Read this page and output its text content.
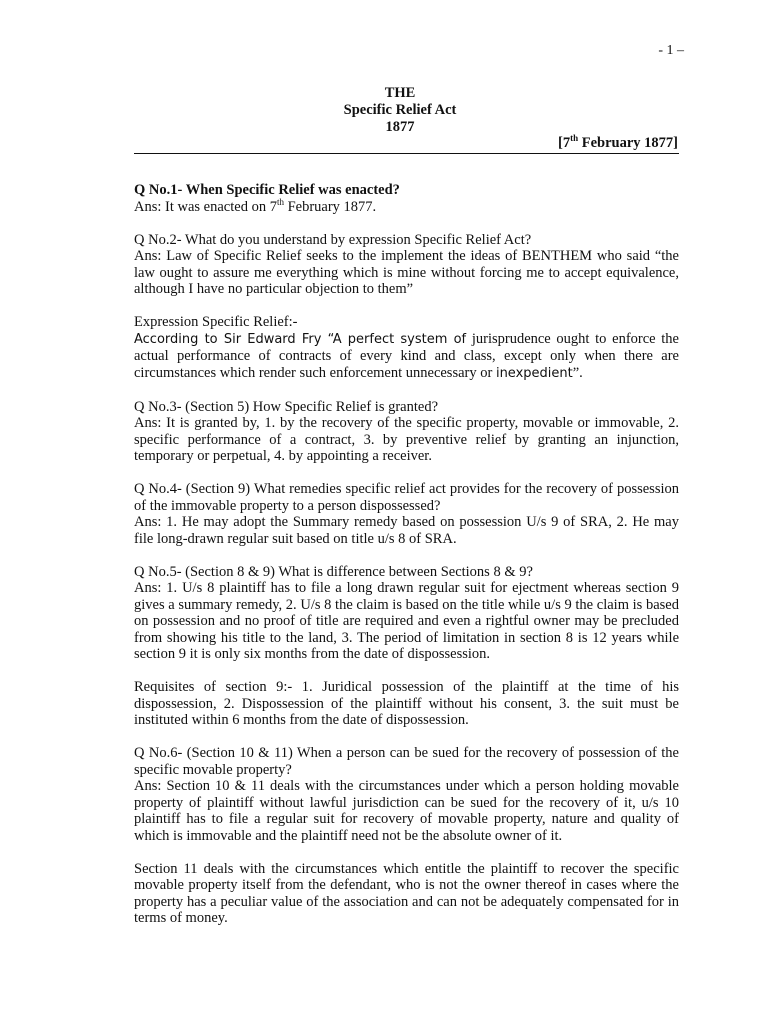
- 1 –
THE
Specific Relief Act
1877
[7th February 1877]

Q No.1- When Specific Relief was enacted?
Ans: It was enacted on 7th February 1877.

Q No.2- What do you understand by expression Specific Relief Act?
Ans: Law of Specific Relief seeks to the implement the ideas of BENTHEM who said “the law ought to assure me everything which is mine without forcing me to accept equivalence, although I have no particular objection to them”

Expression Specific Relief:-
According to Sir Edward Fry “A perfect system of jurisprudence ought to enforce the actual performance of contracts of every kind and class, except only when there are circumstances which render such enforcement unnecessary or inexpedient”.

Q No.3- (Section 5) How Specific Relief is granted?
Ans: It is granted by, 1. by the recovery of the specific property, movable or immovable, 2. specific performance of a contract, 3. by preventive relief by granting an injunction, temporary or perpetual, 4. by appointing a receiver.

Q No.4- (Section 9) What remedies specific relief act provides for the recovery of possession of the immovable property to a person dispossessed?
Ans: 1. He may adopt the Summary remedy based on possession U/s 9 of SRA, 2. He may file long-drawn regular suit based on title u/s 8 of SRA.

Q No.5- (Section 8 & 9) What is difference between Sections 8 & 9?
Ans: 1. U/s 8 plaintiff has to file a long drawn regular suit for ejectment whereas section 9 gives a summary remedy, 2. U/s 8 the claim is based on the title while u/s 9 the claim is based on possession and no proof of title are required and even a rightful owner may be precluded from showing his title to the land, 3. The period of limitation in section 8 is 12 years while section 9 it is only six months from the date of dispossession.

Requisites of section 9:- 1. Juridical possession of the plaintiff at the time of his dispossession, 2. Dispossession of the plaintiff without his consent, 3. the suit must be instituted within 6 months from the date of dispossession.

Q No.6- (Section 10 & 11) When a person can be sued for the recovery of possession of the specific movable property?
Ans: Section 10 & 11 deals with the circumstances under which a person holding movable property of plaintiff without lawful jurisdiction can be sued for the recovery of it, u/s 10 plaintiff has to file a regular suit for recovery of movable property, nature and quality of which is immovable and the plaintiff need not be the absolute owner of it.

Section 11 deals with the circumstances which entitle the plaintiff to recover the specific movable property itself from the defendant, who is not the owner thereof in cases where the property has a peculiar value of the association and can not be adequately compensated for in terms of money.
